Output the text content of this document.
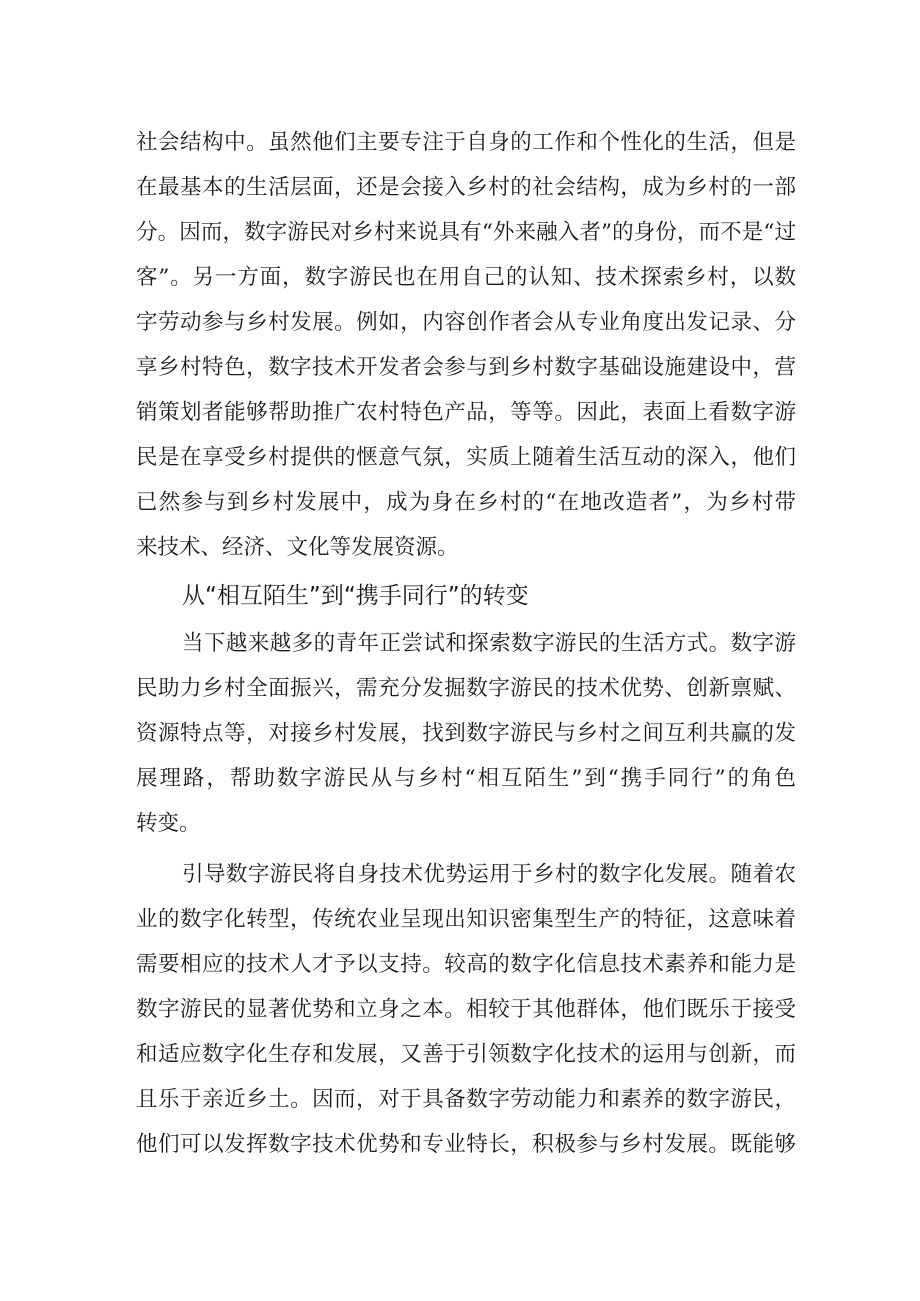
社会结构中。虽然他们主要专注于自身的工作和个性化的生活，但是
在最基本的生活层面，还是会接入乡村的社会结构，成为乡村的一部
分。因而，数字游民对乡村来说具有“外来融入者”的身份，而不是“过
客”。另一方面，数字游民也在用自己的认知、技术探索乡村，以数
字劳动参与乡村发展。例如，内容创作者会从专业角度出发记录、分
享乡村特色，数字技术开发者会参与到乡村数字基础设施建设中，营
销策划者能够帮助推广农村特色产品，等等。因此，表面上看数字游
民是在享受乡村提供的惬意气氛，实质上随着生活互动的深入，他们
已然参与到乡村发展中，成为身在乡村的“在地改造者”，为乡村带
来技术、经济、文化等发展资源。
从“相互陌生”到“携手同行”的转变
当下越来越多的青年正尝试和探索数字游民的生活方式。数字游
民助力乡村全面振兴，需充分发掘数字游民的技术优势、创新禀赋、
资源特点等，对接乡村发展，找到数字游民与乡村之间互利共赢的发
展理路，帮助数字游民从与乡村“相互陌生”到“携手同行”的角色
转变。
引导数字游民将自身技术优势运用于乡村的数字化发展。随着农
业的数字化转型，传统农业呈现出知识密集型生产的特征，这意味着
需要相应的技术人才予以支持。较高的数字化信息技术素养和能力是
数字游民的显著优势和立身之本。相较于其他群体，他们既乐于接受
和适应数字化生存和发展，又善于引领数字化技术的运用与创新，而
且乐于亲近乡土。因而，对于具备数字劳动能力和素养的数字游民，
他们可以发挥数字技术优势和专业特长，积极参与乡村发展。既能够
